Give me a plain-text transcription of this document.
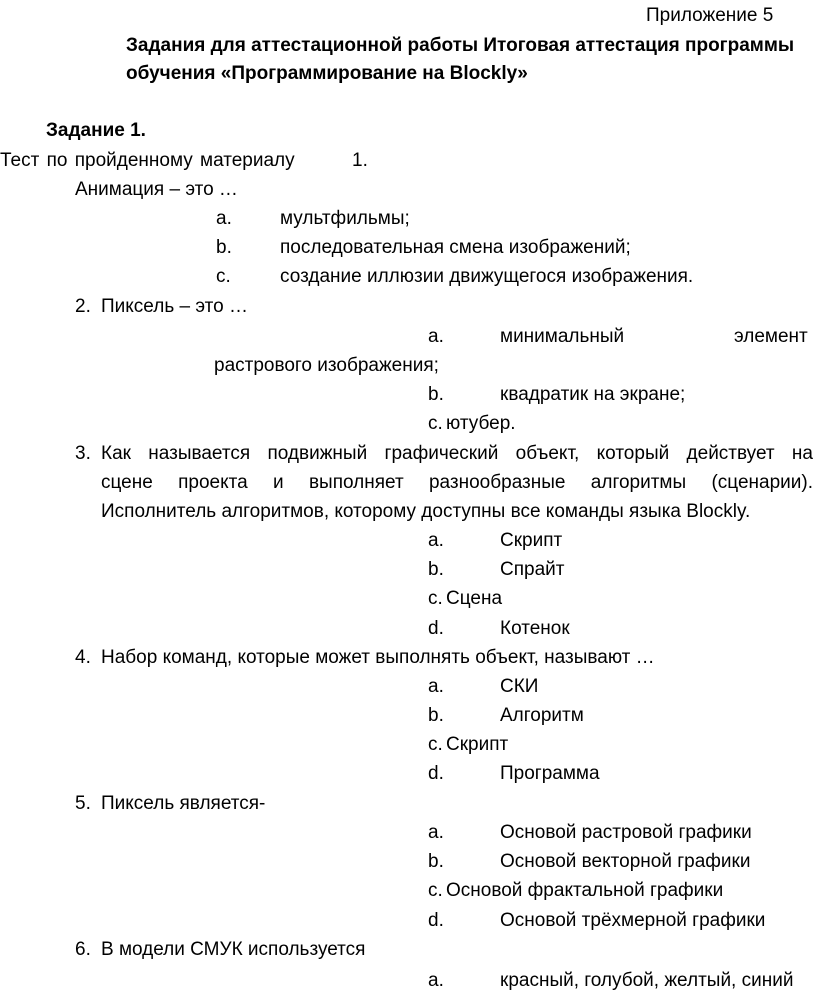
Приложение 5
Задания для аттестационной работы Итоговая аттестация программы
обучения «Программирование на Blockly»
Задание 1.
Тест по пройденному материалу	1.
Анимация – это …
a.	мультфильмы;
b.	последовательная смена изображений;
c.	создание иллюзии движущегося изображения.
2. Пиксель – это …
a.	минимальный	элемент
растрового изображения;
b.	квадратик на экране;
c. ютубер.
3. Как называется подвижный графический объект, который действует на
сцене проекта и выполняет разнообразные алгоритмы (сценарии).
Исполнитель алгоритмов, которому доступны все команды языка Blockly.
a.	Скрипт
b.	Спрайт
c. Сцена
d.	Котенок
4. Набор команд, которые может выполнять объект, называют …
a.	СКИ
b.	Алгоритм
c. Скрипт
d.	Программа
5. Пиксель является-
a.	Основой растровой графики
b.	Основой векторной графики
c. Основой фрактальной графики
d.	Основой трёхмерной графики
6. В модели СМУК используется
a.	красный, голубой, желтый, синий
